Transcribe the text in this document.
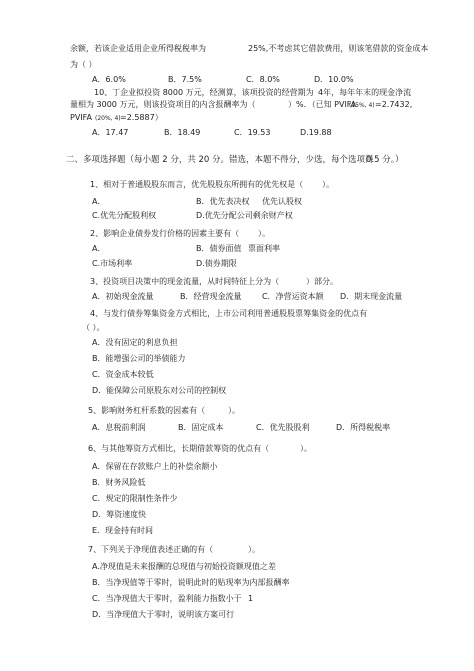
余额，若该企业适用企业所得税税率为	25%,不考虑其它借款费用，则该笔借款的资金成本
为（ ）
A．6.0%	B．7.5%	C．8.0%	D．10.0%
10、丁企业拟投资 8000 万元，经测算，该项投资的经营期为 4年，每年年末的现金净流
量相为 3000 万元，则该投资项目的内含报酬率为（	）%．（已知 PVIFA
(15%, 4) =2.7432,
PVIFA (20%, 4) =2.5887）
A．17.47	B．18.49	C．19.53	D.19.88
二、多项选择题（每小题 2 分，共 20 分。错选，本题不得分，少选，每个选项得
0.5 分。）
1、相对于普通股股东而言，优先股股东所拥有的优先权是（ ）。
A．	B．优先表决权 优先认股权
C.优先分配股利权	D.优先分配公司剩余财产权
2、影响企业债券发行价格的因素主要有（ ）。
A．	B．债券面值 票面利率
C.市场利率	D.债券期限
3、投资项目决策中的现金流量，从时间特征上分为（	）部分。
A．初始现金流量	B．经营现金流量	C．净营运资本额 D．期末现金流量
4、与发行债券筹集资金方式相比，上市公司利用普通股股票筹集资金的优点有
（ ）。
A．没有固定的利息负担
B．能增强公司的举债能力
C．资金成本较低
D．能保障公司原股东对公司的控制权
5、影响财务杠杆系数的因素有（	）。
A．息税前利润	B．固定成本	C．优先股股利	D．所得税税率
6、与其他筹资方式相比，长期借款筹资的优点有（	）。
A．保留在存款账户上的补偿余额小
B．财务风险低
C．规定的限制性条件少
D．筹资速度快
E．现金持有时间
7、下列关于净现值表述正确的有（	）。
A.净现值是未来报酬的总现值与初始投资额现值之差
B．当净现值等于零时，说明此时的贴现率为内部报酬率
C．当净现值大于零时，盈利能力指数小于 1
D．当净现值大于零时，说明该方案可行
